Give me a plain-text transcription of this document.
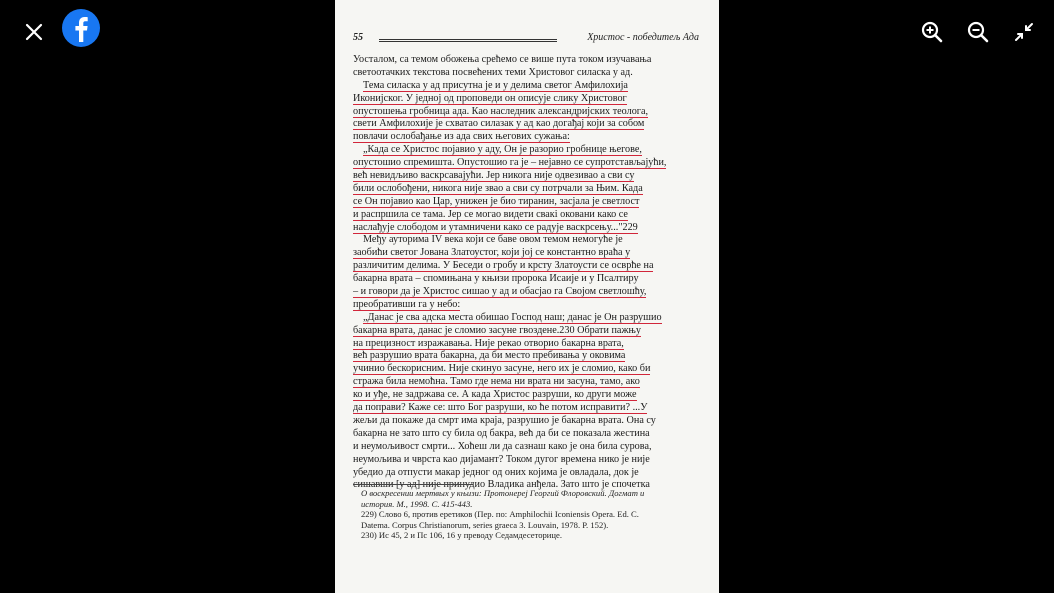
55	Христос - победитељ Ада
Уосталом, са темом обожења срећемо се више пута током изучавања
светоотачких текстова посвећених теми Христовог силаска у ад.
Тема силаска у ад присутна је и у делима светог Амфилохија
Иконијског. У једној од проповеди он описује слику Христовог
опустошења гробница ада. Као наследник александријских теолога,
свети Амфилохије је схватао силазак у ад као догађај који за собом
повлачи ослобађање из ада свих његових сужања:
„Када се Христос појавио у аду, Он је разорио гробнице његове,
опустошио спремишта. Опустошио га је – нејавно се супротстављајући,
већ невидљиво васкрсавајући. Јер никога није одвезивао а сви су
били ослобођени, никога није звао а сви су потрчали за Њим. Када
се Он појавио као Цар, унижен је био тиранин, засјала је светлост
и распршила се тама. Јер се могао видети свакі оковани како се
наслађује слободом и утамничени како се радује васкрсењу..."229
Међу ауторима IV века који се баве овом темом немогуће је
заобићи светог Јована Златоустог, који јој се константно враћа у
различитим делима. У Беседи о гробу и крсту Златоусти се осврће на
бакарна врата – спомињана у књизи пророка Исаије и у Псалтиру
– и говори да је Христос сишао у ад и обасјао га Својом светлошћу,
преобративши га у небо:
„Данас је сва адска места обишао Господ наш; данас је Он разрушио
бакарна врата, данас је сломио засуне гвоздене.230 Обрати пажњу
на прецизност изражавања. Није рекао отворио бакарна врата,
већ разрушио врата бакарна, да би место пребивања у оковима
учинио бескорисним. Није скинуо засуне, него их је сломио, како би
стража била немоћна. Тамо где нема ни врата ни засуна, тамо, ако
ко и уђе, не задржава се. А када Христос разруши, ко други може
да поправи? Каже се: што Бог разруши, ко ће потом исправити? ...У
жељи да покаже да смрт има краја, разрушио је бакарна врата. Она су
бакарна не зато што су била од бакра, већ да би се показала жестина
и неумољивост смрти... Хоћеш ли да сазнаш како је она била сурова,
неумољива и чврста као дијамант? Током дугог времена нико је није
убедио да отпусти макар једног од оних којима је овладала, док је
сишавши [у ад] није принудио Владика анђела. Зато што је спочетка
О воскресении мертвых у књизи: Протонереј Георгий Флоровский. Догмат и
история. М., 1998. С. 415-443.
229) Слово 6, против еретиков (Пер. по: Amphilochii Iconiensis Opera. Ed. C.
Datema. Corpus Christianorum, series graeca 3. Louvain, 1978. P. 152).
230) Ис 45, 2 и Пс 106, 16 у преводу Седамдесеторице.
